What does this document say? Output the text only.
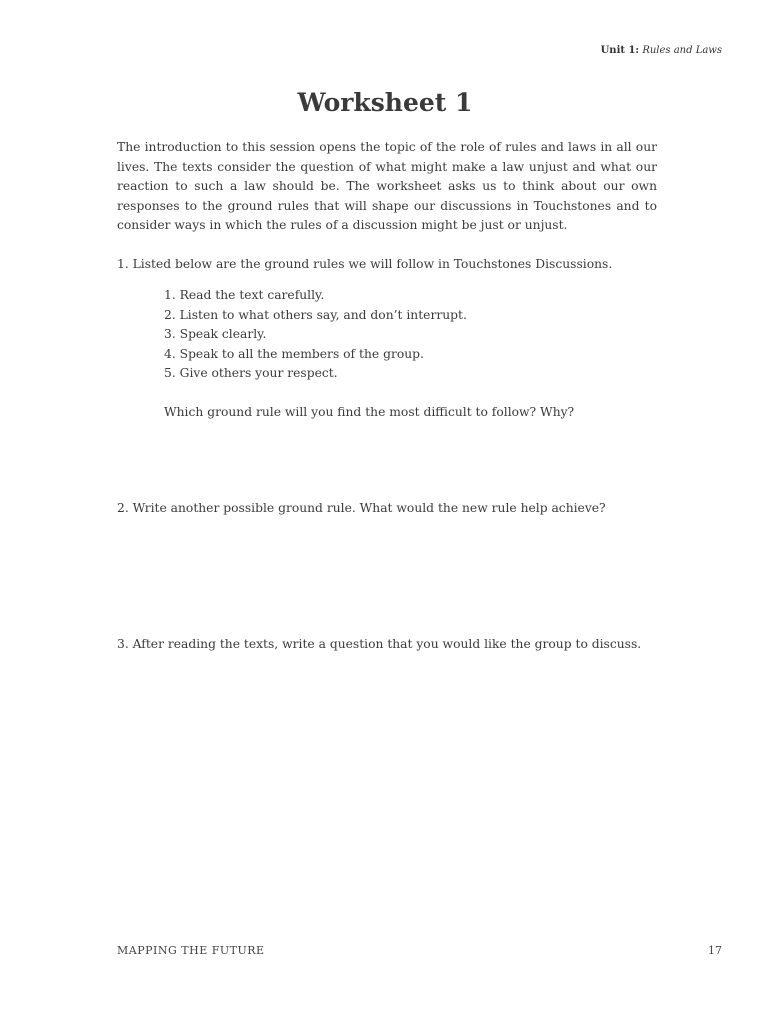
Unit 1: Rules and Laws
Worksheet 1

The introduction to this session opens the topic of the role of rules and laws in all our lives. The texts consider the question of what might make a law unjust and what our reaction to such a law should be. The worksheet asks us to think about our own responses to the ground rules that will shape our discussions in Touchstones and to consider ways in which the rules of a discussion might be just or unjust.

1. Listed below are the ground rules we will follow in Touchstones Discussions.

1. Read the text carefully.
2. Listen to what others say, and don’t interrupt.
3. Speak clearly.
4. Speak to all the members of the group.
5. Give others your respect.

Which ground rule will you find the most difficult to follow? Why?

2. Write another possible ground rule. What would the new rule help achieve?

3. After reading the texts, write a question that you would like the group to discuss.

MAPPING THE FUTURE	17
